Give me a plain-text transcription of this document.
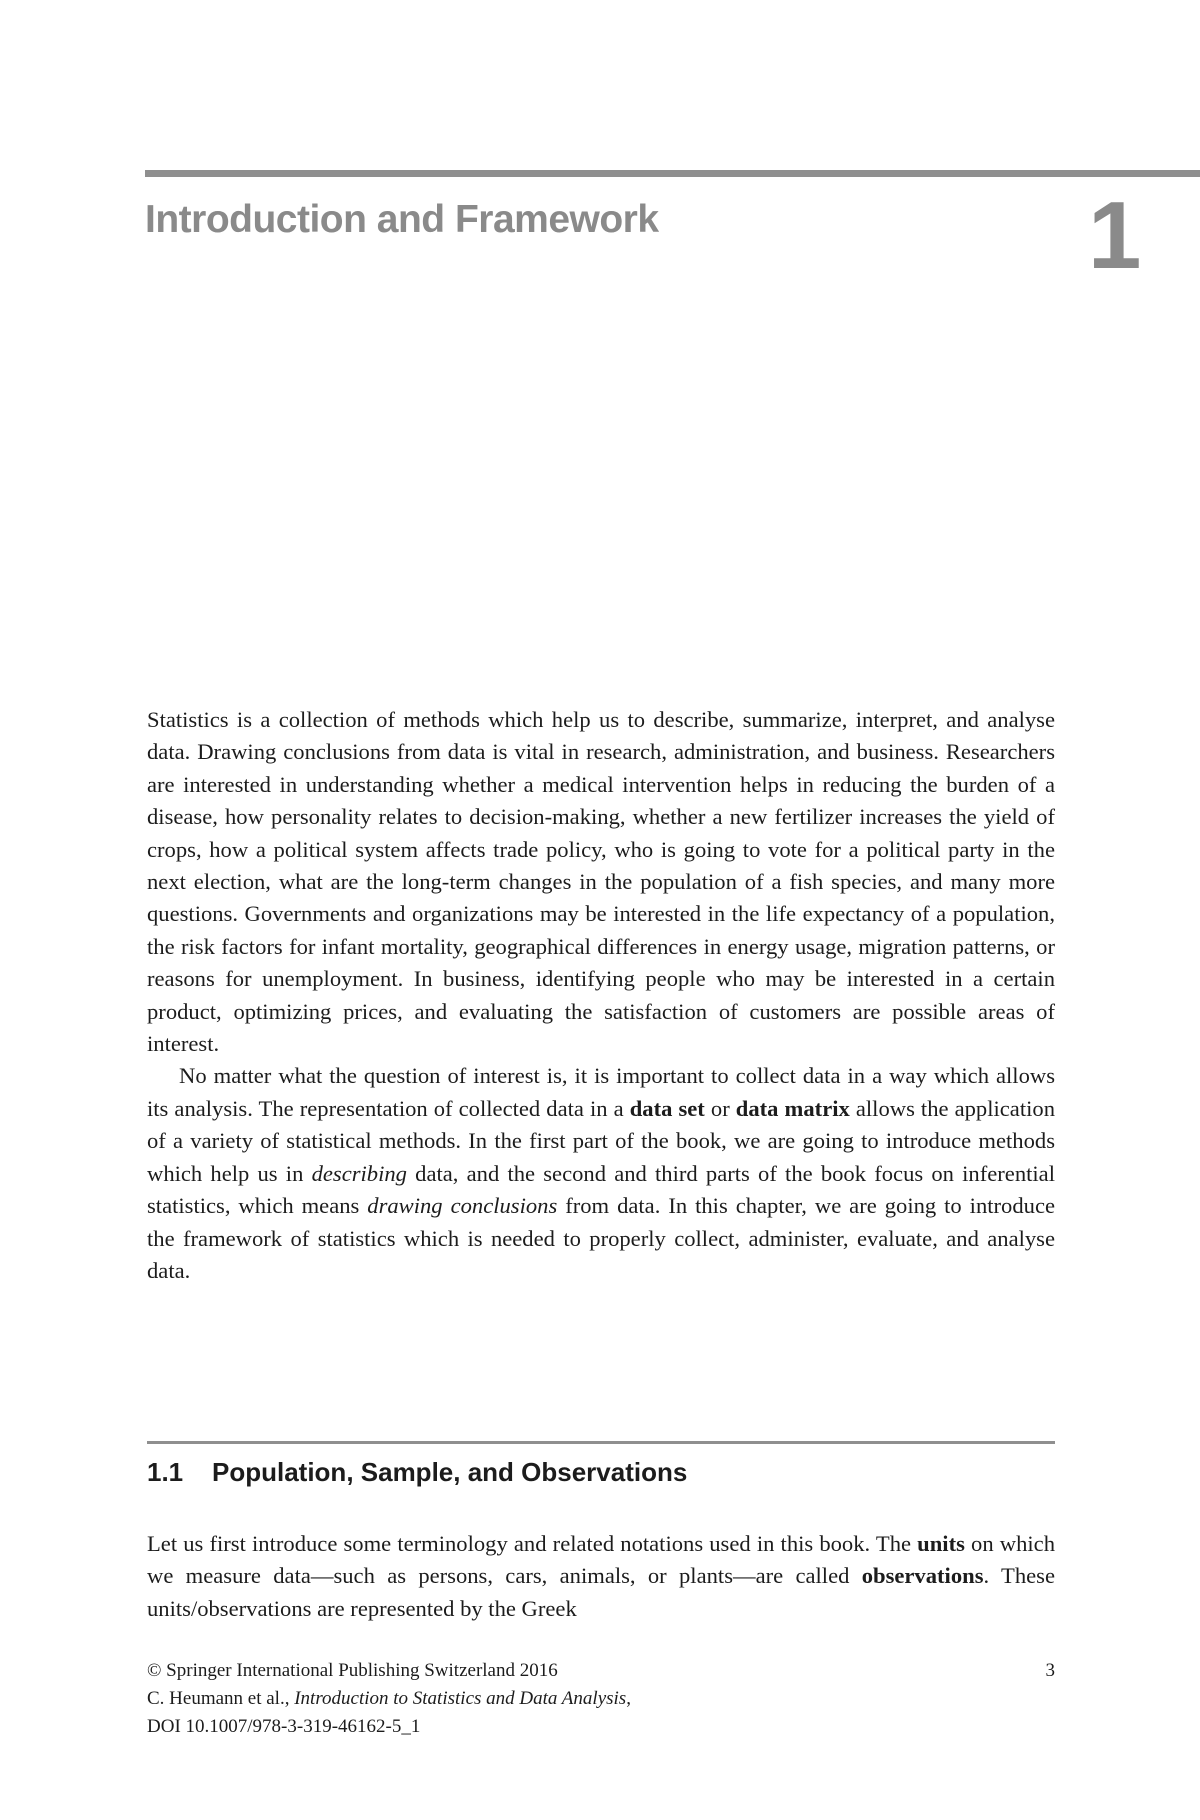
Introduction and Framework	1

Statistics is a collection of methods which help us to describe, summarize, interpret, and analyse data. Drawing conclusions from data is vital in research, administration, and business. Researchers are interested in understanding whether a medical intervention helps in reducing the burden of a disease, how personality relates to decision-making, whether a new fertilizer increases the yield of crops, how a political system affects trade policy, who is going to vote for a political party in the next election, what are the long-term changes in the population of a fish species, and many more questions. Governments and organizations may be interested in the life expectancy of a population, the risk factors for infant mortality, geographical differences in energy usage, migration patterns, or reasons for unemployment. In business, identifying people who may be interested in a certain product, optimizing prices, and evaluating the satisfaction of customers are possible areas of interest.

No matter what the question of interest is, it is important to collect data in a way which allows its analysis. The representation of collected data in a data set or data matrix allows the application of a variety of statistical methods. In the first part of the book, we are going to introduce methods which help us in describing data, and the second and third parts of the book focus on inferential statistics, which means drawing conclusions from data. In this chapter, we are going to introduce the framework of statistics which is needed to properly collect, administer, evaluate, and analyse data.

1.1 Population, Sample, and Observations

Let us first introduce some terminology and related notations used in this book. The units on which we measure data—such as persons, cars, animals, or plants—are called observations. These units/observations are represented by the Greek

© Springer International Publishing Switzerland 2016
C. Heumann et al., Introduction to Statistics and Data Analysis,
DOI 10.1007/978-3-319-46162-5_1
3
